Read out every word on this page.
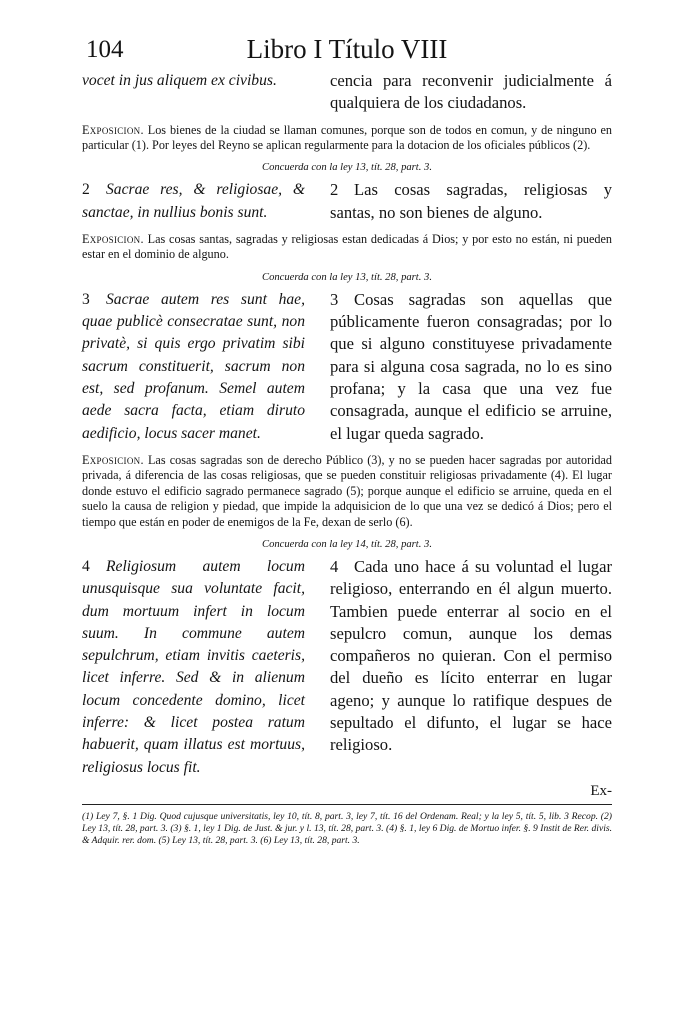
104	Libro I Título VIII
vocet in jus aliquem ex civibus.	cencia para reconvenir judicialmente á qualquiera de los ciudadanos.
Exposicion. Los bienes de la ciudad se llaman comunes, porque son de todos en comun, y de ninguno en particular (1). Por leyes del Reyno se aplican regularmente para la dotacion de los oficiales públicos (2).
Concuerda con la ley 13, tít. 28, part. 3.
2 Sacrae res, & religiosae, & sanctae, in nullius bonis sunt.
2 Las cosas sagradas, religiosas y santas, no son bienes de alguno.
Exposicion. Las cosas santas, sagradas y religiosas estan dedicadas á Dios; y por esto no están, ni pueden estar en el dominio de alguno.
Concuerda con la ley 13, tít. 28, part. 3.
3 Sacrae autem res sunt hae, quae publicè consecratae sunt, non privatè, si quis ergo privatim sibi sacrum constituerit, sacrum non est, sed profanum. Semel autem aede sacra facta, etiam diruto aedificio, locus sacer manet.
3 Cosas sagradas son aquellas que públicamente fueron consagradas; por lo que si alguno constituyese privadamente para si alguna cosa sagrada, no lo es sino profana; y la casa que una vez fue consagrada, aunque el edificio se arruine, el lugar queda sagrado.
Exposicion. Las cosas sagradas son de derecho Público (3), y no se pueden hacer sagradas por autoridad privada, á diferencia de las cosas religiosas, que se pueden constituir religiosas privadamente (4). El lugar donde estuvo el edificio sagrado permanece sagrado (5); porque aunque el edificio se arruine, queda en el suelo la causa de religion y piedad, que impide la adquisicion de lo que una vez se dedicó á Dios; pero el tiempo que están en poder de enemigos de la Fe, dexan de serlo (6).
Concuerda con la ley 14, tít. 28, part. 3.
4 Religiosum autem locum unusquisque sua voluntate facit, dum mortuum infert in locum suum. In commune autem sepulchrum, etiam invitis caeteris, licet inferre. Sed & in alienum locum concedente domino, licet inferre: & licet postea ratum habuerit, quam illatus est mortuus, religiosus locus fit.
4 Cada uno hace á su voluntad el lugar religioso, enterrando en él algun muerto. Tambien puede enterrar al socio en el sepulcro comun, aunque los demas compañeros no quieran. Con el permiso del dueño es lícito enterrar en lugar ageno; y aunque lo ratifique despues de sepultado el difunto, el lugar se hace religioso.
Ex-
(1) Ley 7, §. 1 Dig. Quod cujusque universitatis, ley 10, tít. 8, part. 3, ley 7, tít. 16 del Ordenam. Real; y la ley 5, tít. 5, lib. 3 Recop. (2) Ley 13, tít. 28, part. 3. (3) §. 1, ley 1 Dig. de Just. & jur. y l. 13, tít. 28, part. 3. (4) §. 1, ley 6 Dig. de Mortuo infer. §. 9 Instit de Rer. divis. & Adquir. rer. dom. (5) Ley 13, tít. 28, part. 3. (6) Ley 13, tít. 28, part. 3.
